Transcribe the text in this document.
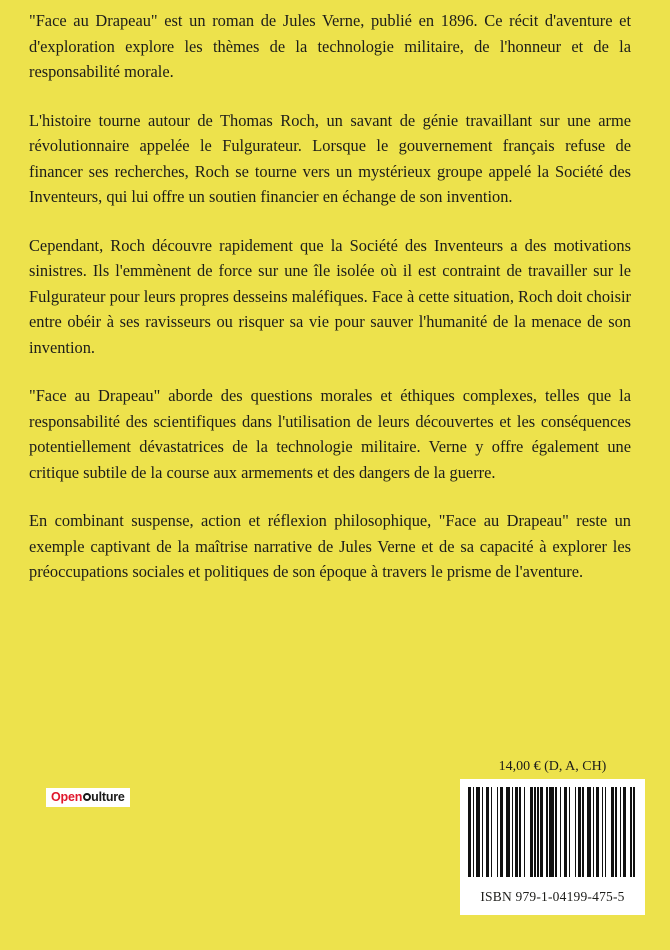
"Face au Drapeau" est un roman de Jules Verne, publié en 1896. Ce récit d'aventure et d'exploration explore les thèmes de la technologie militaire, de l'honneur et de la responsabilité morale.

L'histoire tourne autour de Thomas Roch, un savant de génie travaillant sur une arme révolutionnaire appelée le Fulgurateur. Lorsque le gouvernement français refuse de financer ses recherches, Roch se tourne vers un mystérieux groupe appelé la Société des Inventeurs, qui lui offre un soutien financier en échange de son invention.

Cependant, Roch découvre rapidement que la Société des Inventeurs a des motivations sinistres. Ils l'emmènent de force sur une île isolée où il est contraint de travailler sur le Fulgurateur pour leurs propres desseins maléfiques. Face à cette situation, Roch doit choisir entre obéir à ses ravisseurs ou risquer sa vie pour sauver l'humanité de la menace de son invention.

"Face au Drapeau" aborde des questions morales et éthiques complexes, telles que la responsabilité des scientifiques dans l'utilisation de leurs découvertes et les conséquences potentiellement dévastatrices de la technologie militaire. Verne y offre également une critique subtile de la course aux armements et des dangers de la guerre.

En combinant suspense, action et réflexion philosophique, "Face au Drapeau" reste un exemple captivant de la maîtrise narrative de Jules Verne et de sa capacité à explorer les préoccupations sociales et politiques de son époque à travers le prisme de l'aventure.

Open ulture
14,00 € (D, A, CH)
ISBN 979-1-04199-475-5
